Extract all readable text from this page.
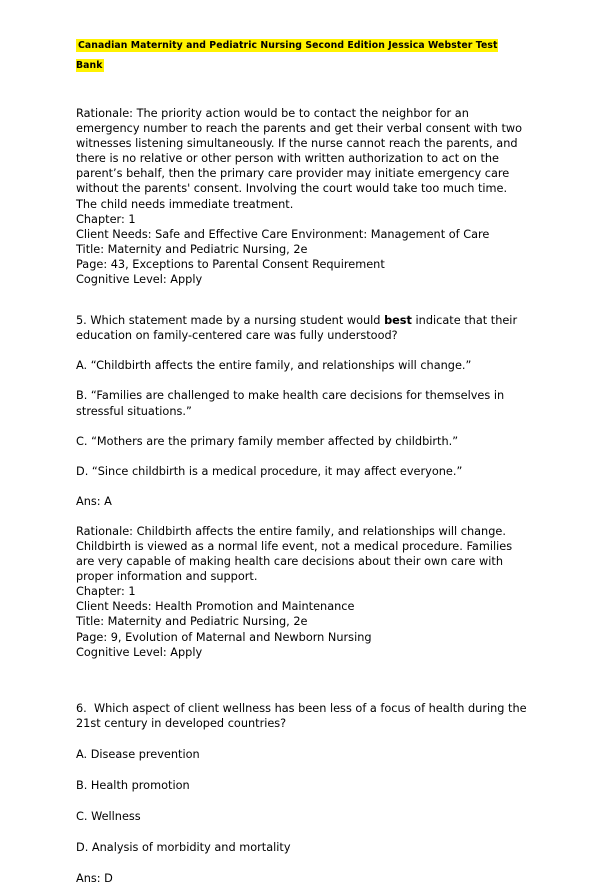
Canadian Maternity and Pediatric Nursing Second Edition Jessica Webster Test Bank

Rationale: The priority action would be to contact the neighbor for an emergency number to reach the parents and get their verbal consent with two witnesses listening simultaneously. If the nurse cannot reach the parents, and there is no relative or other person with written authorization to act on the parent’s behalf, then the primary care provider may initiate emergency care without the parents' consent. Involving the court would take too much time. The child needs immediate treatment.

Chapter: 1

Client Needs: Safe and Effective Care Environment: Management of Care

Title: Maternity and Pediatric Nursing, 2e

Page: 43, Exceptions to Parental Consent Requirement

Cognitive Level: Apply

5. Which statement made by a nursing student would best indicate that their education on family-centered care was fully understood?

A. “Childbirth affects the entire family, and relationships will change.”

B. “Families are challenged to make health care decisions for themselves in stressful situations.”

C. “Mothers are the primary family member affected by childbirth.”

D. “Since childbirth is a medical procedure, it may affect everyone.”

Ans: A

Rationale: Childbirth affects the entire family, and relationships will change. Childbirth is viewed as a normal life event, not a medical procedure. Families are very capable of making health care decisions about their own care with proper information and support.

Chapter: 1

Client Needs: Health Promotion and Maintenance

Title: Maternity and Pediatric Nursing, 2e

Page: 9, Evolution of Maternal and Newborn Nursing

Cognitive Level: Apply

6.  Which aspect of client wellness has been less of a focus of health during the 21st century in developed countries?

A. Disease prevention

B. Health promotion

C. Wellness

D. Analysis of morbidity and mortality

Ans: D
